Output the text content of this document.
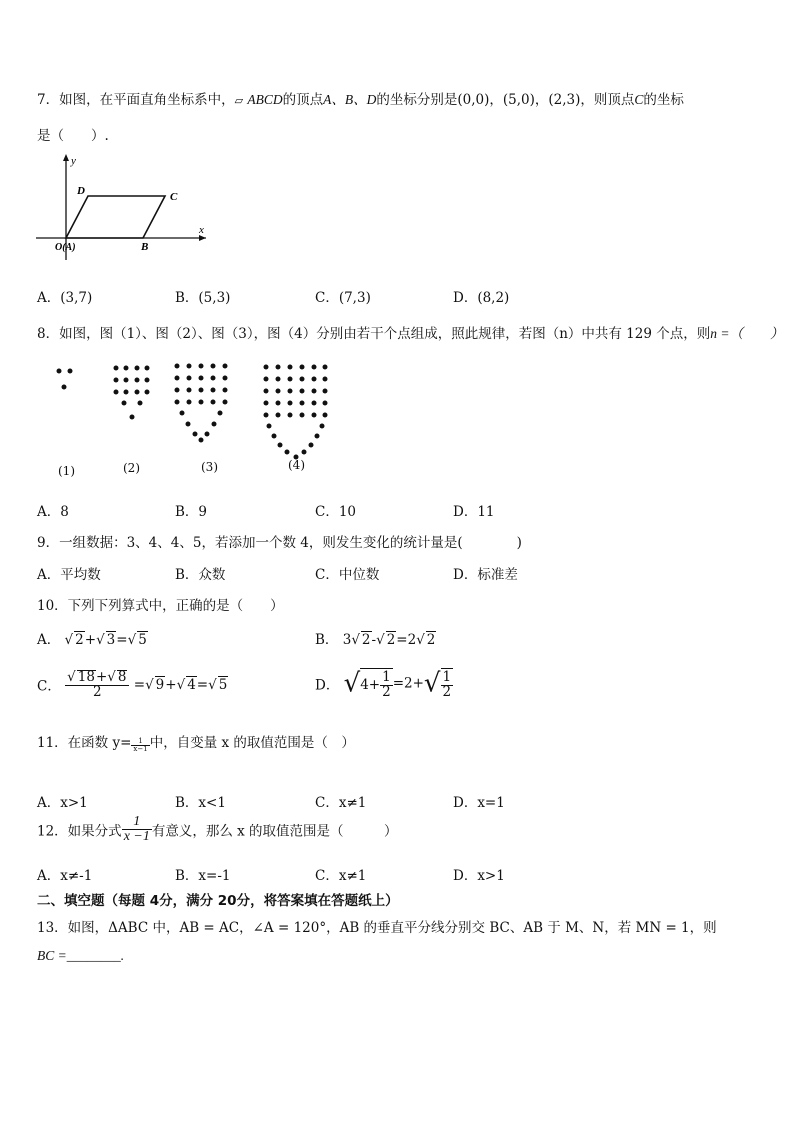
7．如图，在平面直角坐标系中，▱ ABCD的顶点A、B、D的坐标分别是(0,0)，(5,0)，(2,3)，则顶点C的坐标
是（　　）.
y
x
D	C
O(A)	B
A．(3,7)	B．(5,3)	C．(7,3)	D．(8,2)
8．如图，图（1）、图（2）、图（3），图（4）分别由若干个点组成，照此规律，若图（n）中共有 129 个点，则n =（　　）
(1)	(2)	(3)	(4)
A．8	B．9	C．10	D．11
9．一组数据：3、4、4、5，若添加一个数 4，则发生变化的统计量是(　　　　)
A．平均数	B．众数	C．中位数	D．标准差
10．下列下列算式中，正确的是（　　）
A． √ 2+ √ 3= √ 5	B． 3 √ 2- √ 2=2 √ 2
C． √ $\frac{18+ √ 8}{2}$ = √ 9+ √ 4= √ 5	D． $√4+ \frac{1}{2} =2+√ \frac{1}{2}$
11．在函数 $y= \frac{1}{x-1}$ 中，自变量 x 的取值范围是（　）
A．x>1	B．x<1	C．x≠1	D．x=1
12．如果分式 $\frac{1}{x -1}$ 有意义，那么 x 的取值范围是（　　　）
A．x≠-1	B．x=-1	C．x≠1	D．x>1
二、填空题（每题 4分，满分 20分，将答案填在答题纸上）
13．如图，ΔABC 中，AB = AC，∠A = 120°，AB 的垂直平分线分别交 BC、AB 于 M、N，若 MN = 1，则
BC =________.
